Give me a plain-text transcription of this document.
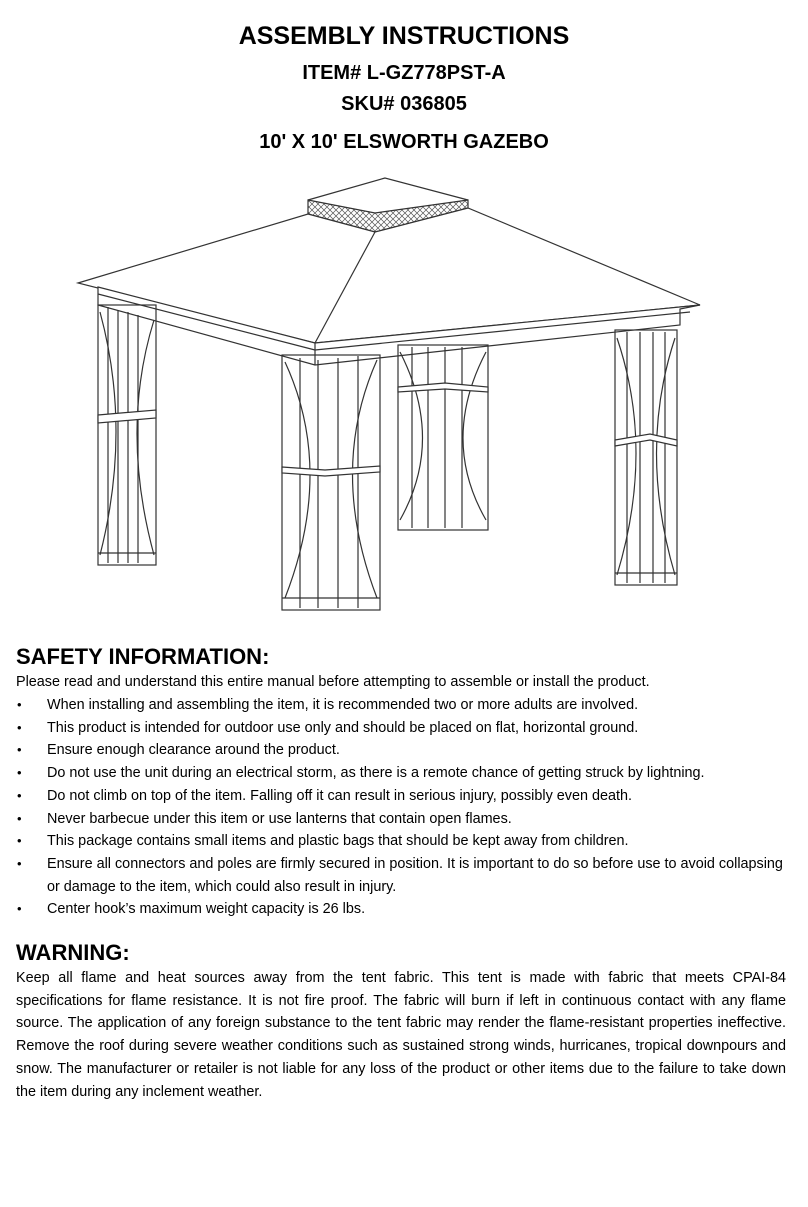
ASSEMBLY INSTRUCTIONS
ITEM# L-GZ778PST-A
SKU# 036805
10' X 10' ELSWORTH GAZEBO
SAFETY INFORMATION:
Please read and understand this entire manual before attempting to assemble or install the product.
• When installing and assembling the item, it is recommended two or more adults are involved.
• This product is intended for outdoor use only and should be placed on flat, horizontal ground.
• Ensure enough clearance around the product.
• Do not use the unit during an electrical storm, as there is a remote chance of getting struck by lightning.
• Do not climb on top of the item. Falling off it can result in serious injury, possibly even death.
• Never barbecue under this item or use lanterns that contain open flames.
• This package contains small items and plastic bags that should be kept away from children.
• Ensure all connectors and poles are firmly secured in position. It is important to do so before use to avoid collapsing or damage to the item, which could also result in injury.
• Center hook’s maximum weight capacity is 26 lbs.
WARNING:
Keep all flame and heat sources away from the tent fabric. This tent is made with fabric that meets CPAI-84 specifications for flame resistance. It is not fire proof. The fabric will burn if left in continuous contact with any flame source. The application of any foreign substance to the tent fabric may render the flame-resistant properties ineffective. Remove the roof during severe weather conditions such as sustained strong winds, hurricanes, tropical downpours and snow. The manufacturer or retailer is not liable for any loss of the product or other items due to the failure to take down the item during any inclement weather.
